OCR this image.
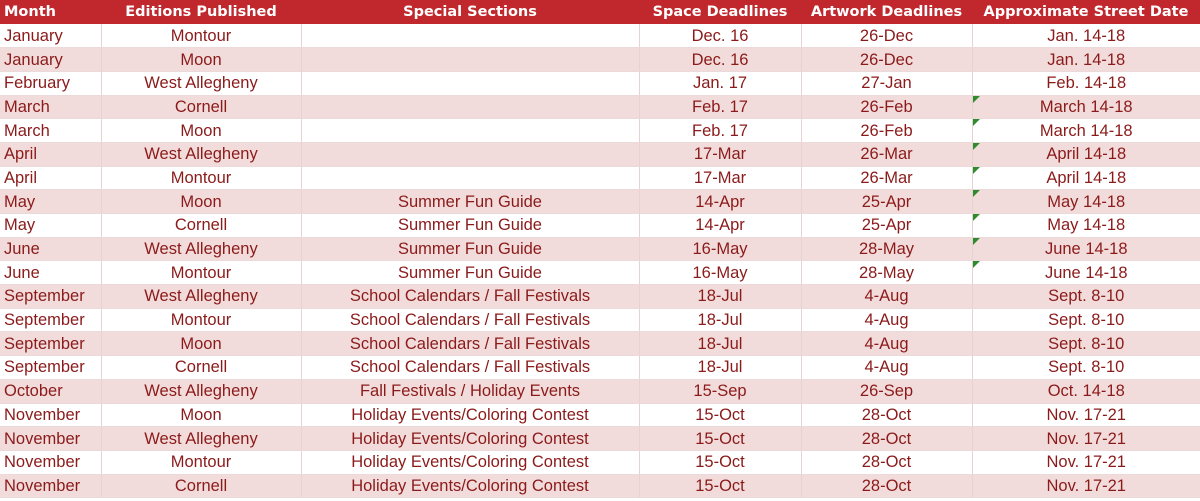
Month	Editions Published	Special Sections	Space Deadlines	Artwork Deadlines	Approximate Street Date
January	Montour		Dec. 16	26-Dec	Jan. 14-18
January	Moon		Dec. 16	26-Dec	Jan. 14-18
February	West Allegheny		Jan. 17	27-Jan	Feb. 14-18
March	Cornell		Feb. 17	26-Feb	March 14-18
March	Moon		Feb. 17	26-Feb	March 14-18
April	West Allegheny		17-Mar	26-Mar	April 14-18
April	Montour		17-Mar	26-Mar	April 14-18
May	Moon	Summer Fun Guide	14-Apr	25-Apr	May 14-18
May	Cornell	Summer Fun Guide	14-Apr	25-Apr	May 14-18
June	West Allegheny	Summer Fun Guide	16-May	28-May	June 14-18
June	Montour	Summer Fun Guide	16-May	28-May	June 14-18
September	West Allegheny	School Calendars / Fall Festivals	18-Jul	4-Aug	Sept. 8-10
September	Montour	School Calendars / Fall Festivals	18-Jul	4-Aug	Sept. 8-10
September	Moon	School Calendars / Fall Festivals	18-Jul	4-Aug	Sept. 8-10
September	Cornell	School Calendars / Fall Festivals	18-Jul	4-Aug	Sept. 8-10
October	West Allegheny	Fall Festivals / Holiday Events	15-Sep	26-Sep	Oct. 14-18
November	Moon	Holiday Events/Coloring Contest	15-Oct	28-Oct	Nov. 17-21
November	West Allegheny	Holiday Events/Coloring Contest	15-Oct	28-Oct	Nov. 17-21
November	Montour	Holiday Events/Coloring Contest	15-Oct	28-Oct	Nov. 17-21
November	Cornell	Holiday Events/Coloring Contest	15-Oct	28-Oct	Nov. 17-21
